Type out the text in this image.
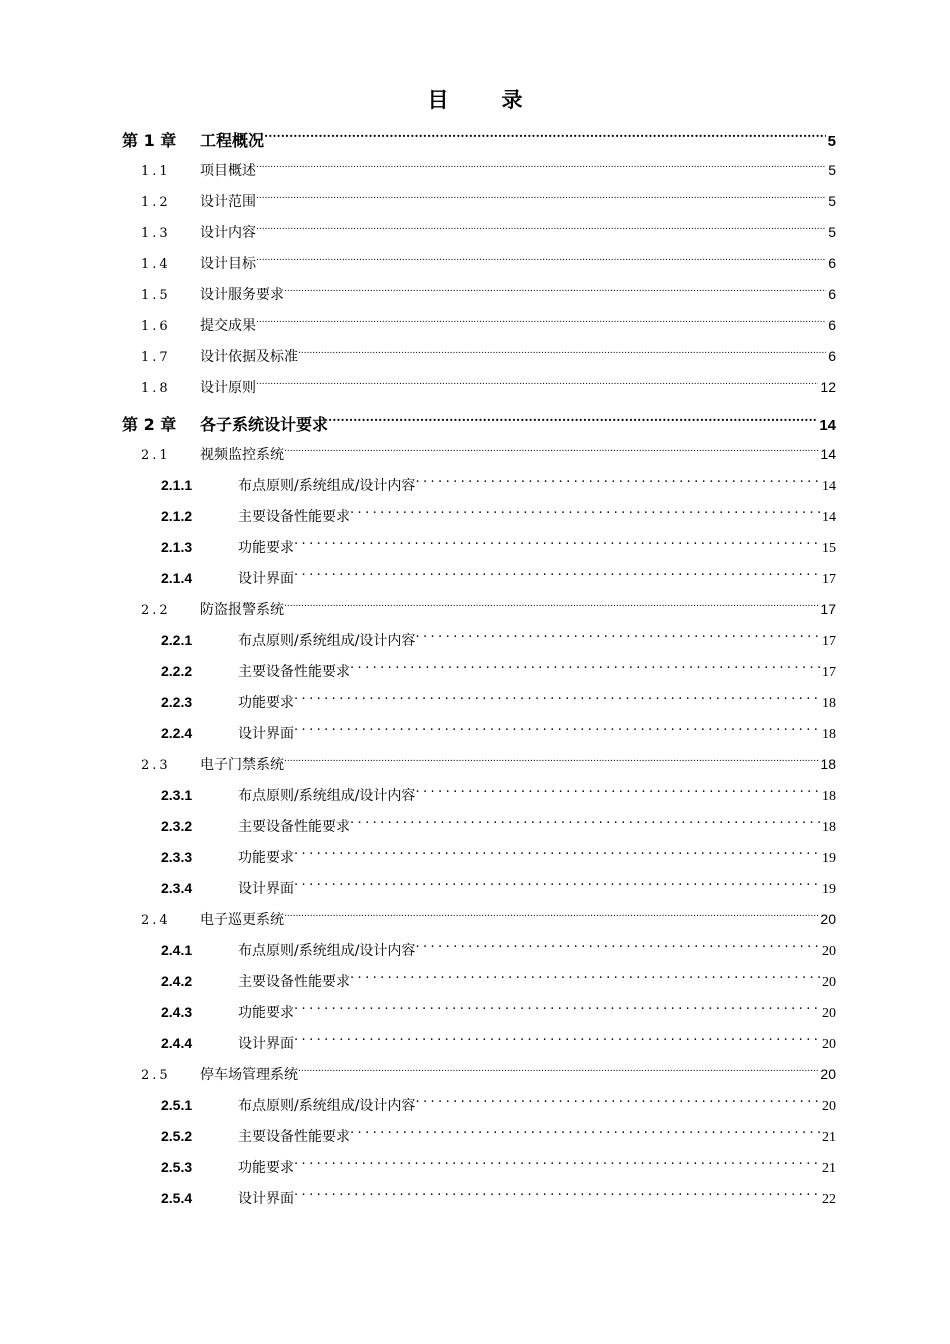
目　录
第 1 章	工程概况 .....	5
1.1	项目概述 .....	5
1.2	设计范围 .....	5
1.3	设计内容 .....	5
1.4	设计目标 .....	6
1.5	设计服务要求 .....	6
1.6	提交成果 .....	6
1.7	设计依据及标准 .....	6
1.8	设计原则 .....	12
第 2 章	各子系统设计要求 .....	14
2.1	视频监控系统 .....	14
2.1.1	布点原则/系统组成/设计内容 .....	14
2.1.2	主要设备性能要求 .....	14
2.1.3	功能要求 .....	15
2.1.4	设计界面 .....	17
2.2	防盗报警系统 .....	17
2.2.1	布点原则/系统组成/设计内容 .....	17
2.2.2	主要设备性能要求 .....	17
2.2.3	功能要求 .....	18
2.2.4	设计界面 .....	18
2.3	电子门禁系统 .....	18
2.3.1	布点原则/系统组成/设计内容 .....	18
2.3.2	主要设备性能要求 .....	18
2.3.3	功能要求 .....	19
2.3.4	设计界面 .....	19
2.4	电子巡更系统 .....	20
2.4.1	布点原则/系统组成/设计内容 .....	20
2.4.2	主要设备性能要求 .....	20
2.4.3	功能要求 .....	20
2.4.4	设计界面 .....	20
2.5	停车场管理系统 .....	20
2.5.1	布点原则/系统组成/设计内容 .....	20
2.5.2	主要设备性能要求 .....	21
2.5.3	功能要求 .....	21
2.5.4	设计界面 .....	22
